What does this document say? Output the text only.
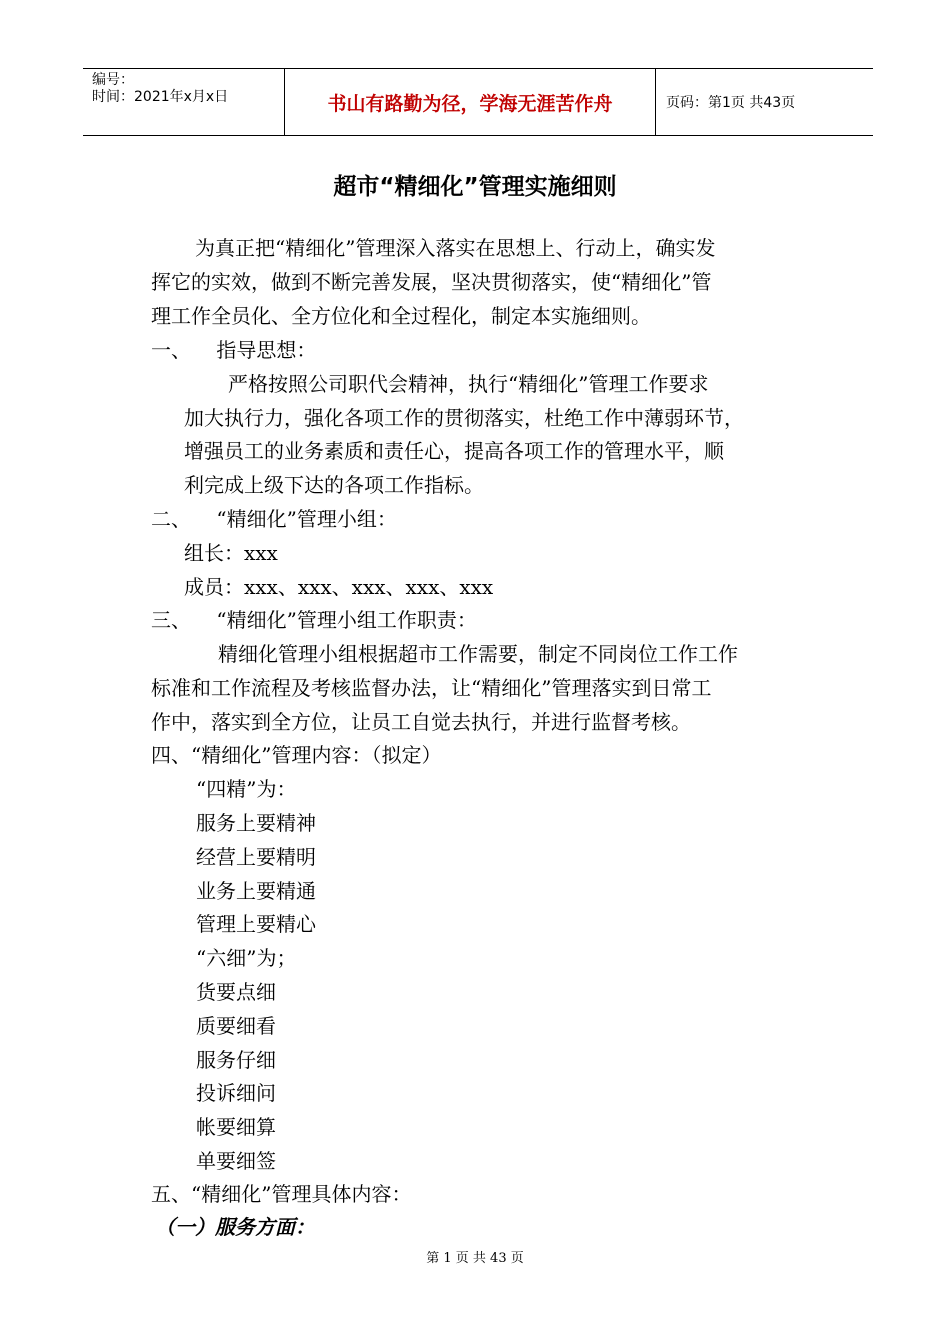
编号：
时间：2021年x月x日	书山有路勤为径，学海无涯苦作舟	页码：第1页 共43页
超市“精细化”管理实施细则
为真正把“精细化”管理深入落实在思想上、行动上，确实发
挥它的实效，做到不断完善发展，坚决贯彻落实，使“精细化”管
理工作全员化、全方位化和全过程化，制定本实施细则。
一、    指导思想：
严格按照公司职代会精神，执行“精细化”管理工作要求
加大执行力，强化各项工作的贯彻落实，杜绝工作中薄弱环节，
增强员工的业务素质和责任心，提高各项工作的管理水平，顺
利完成上级下达的各项工作指标。
二、    “精细化”管理小组：
组长：xxx
成员：xxx、xxx、xxx、xxx、xxx
三、    “精细化”管理小组工作职责：
精细化管理小组根据超市工作需要，制定不同岗位工作工作
标准和工作流程及考核监督办法，让“精细化”管理落实到日常工
作中，落实到全方位，让员工自觉去执行，并进行监督考核。
四、“精细化”管理内容：（拟定）
“四精”为：
服务上要精神
经营上要精明
业务上要精通
管理上要精心
“六细”为；
货要点细
质要细看
服务仔细
投诉细问
帐要细算
单要细签
五、“精细化”管理具体内容：
（一）服务方面：
第 1 页 共 43 页
